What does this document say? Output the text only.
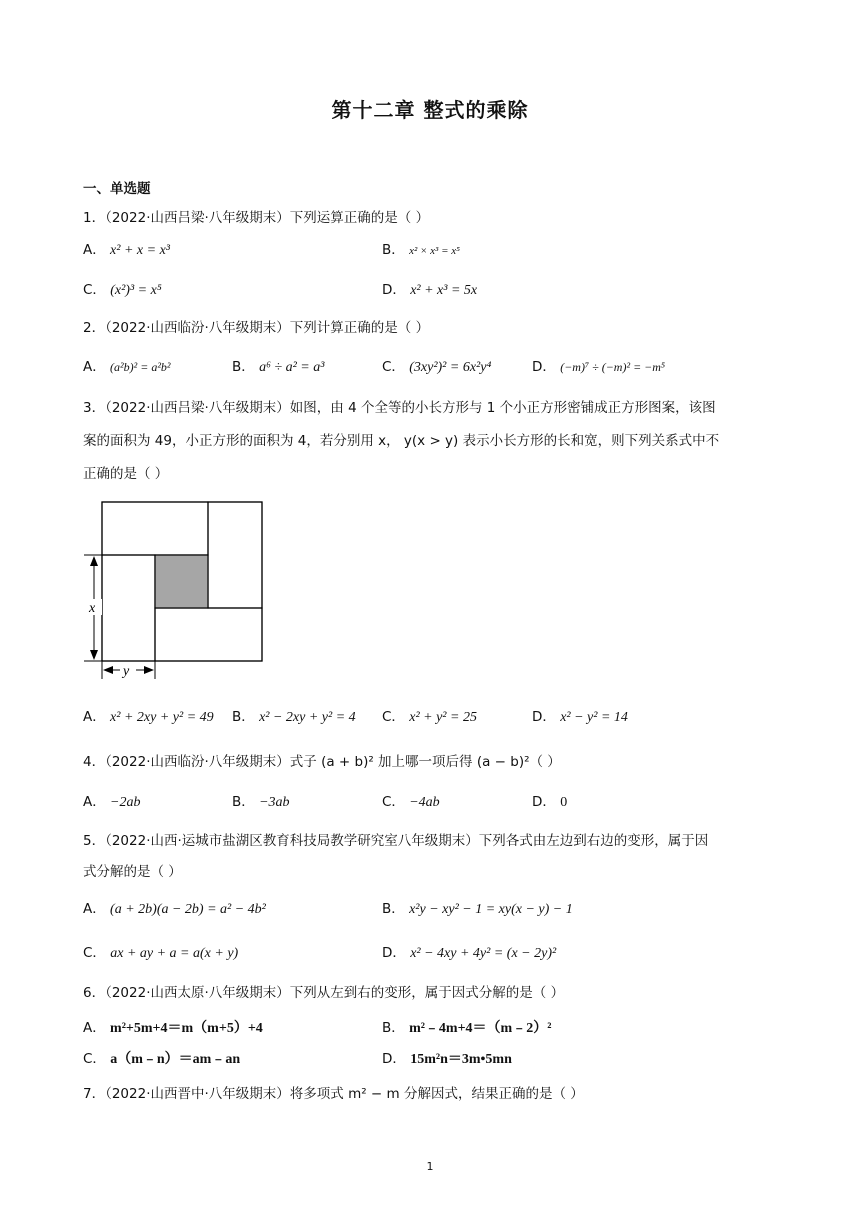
第十二章 整式的乘除
一、单选题
1．（2022·山西吕梁·八年级期末）下列运算正确的是（ ）
A． x² + x = x³	B． x² × x³ = x⁵
C． (x²)³ = x⁵	D． x² + x³ = 5x
2．（2022·山西临汾·八年级期末）下列计算正确的是（ ）
A． (a²b)² = a²b²	B． a⁶ ÷ a² = a³	C． (3xy²)² = 6x²y⁴	D． (−m)⁷ ÷ (−m)² = −m⁵
3．（2022·山西吕梁·八年级期末）如图，由 4 个全等的小长方形与 1 个小正方形密铺成正方形图案，该图
案的面积为 49，小正方形的面积为 4，若分别用 x， y(x > y) 表示小长方形的长和宽，则下列关系式中不
正确的是（ ）
x
y
A． x² + 2xy + y² = 49 B． x² − 2xy + y² = 4 C． x² + y² = 25	D． x² − y² = 14
4．（2022·山西临汾·八年级期末）式子 (a + b)² 加上哪一项后得 (a − b)²（ ）
A． −2ab	B． −3ab	C． −4ab	D． 0
5．（2022·山西·运城市盐湖区教育科技局教学研究室八年级期末）下列各式由左边到右边的变形，属于因
式分解的是（ ）
A． (a + 2b)(a − 2b) = a² − 4b²	B． x²y − xy² − 1 = xy(x − y) − 1
C． ax + ay + a = a(x + y)	D． x² − 4xy + 4y² = (x − 2y)²
6．（2022·山西太原·八年级期末）下列从左到右的变形，属于因式分解的是（ ）
A． m²+5m+4＝m（m+5）+4	B． m²﹣4m+4＝（m﹣2）²
C． a（m﹣n）＝am﹣an	D． 15m²n＝3m•5mn
7．（2022·山西晋中·八年级期末）将多项式 m² − m 分解因式，结果正确的是（ ）
1
